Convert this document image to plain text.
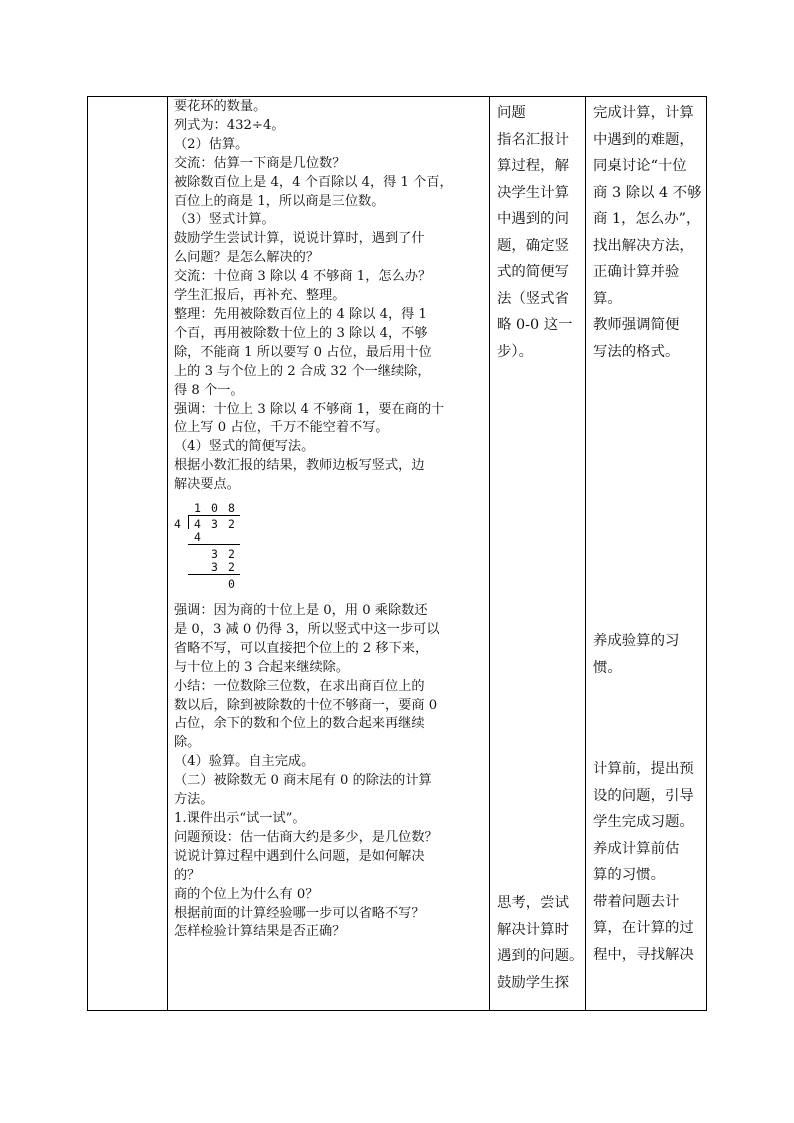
要花环的数量。
列式为：432÷4。
（2）估算。
交流：估算一下商是几位数？
被除数百位上是 4，4 个百除以 4，得 1 个百，
百位上的商是 1，所以商是三位数。
（3）竖式计算。
鼓励学生尝试计算，说说计算时，遇到了什
么问题？是怎么解决的？
交流：十位商 3 除以 4 不够商 1，怎么办？
学生汇报后，再补充、整理。
整理：先用被除数百位上的 4 除以 4，得 1
个百，再用被除数十位上的 3 除以 4，不够
除，不能商 1 所以要写 0 占位，最后用十位
上的 3 与个位上的 2 合成 32 个一继续除，
得 8 个一。
强调：十位上 3 除以 4 不够商 1，要在商的十
位上写 0 占位，千万不能空着不写。
（4）竖式的简便写法。
根据小数汇报的结果，教师边板写竖式，边
解决要点。
1 0 8
4 4 3 2
4
3 2
3 2
0
强调：因为商的十位上是 0，用 0 乘除数还
是 0，3 减 0 仍得 3，所以竖式中这一步可以
省略不写，可以直接把个位上的 2 移下来，
与十位上的 3 合起来继续除。
小结：一位数除三位数，在求出商百位上的
数以后，除到被除数的十位不够商一，要商 0
占位，余下的数和个位上的数合起来再继续
除。
（4）验算。自主完成。
（二）被除数无 0 商末尾有 0 的除法的计算
方法。
1.课件出示“试一试”。
问题预设：估一估商大约是多少，是几位数？
说说计算过程中遇到什么问题，是如何解决
的？
商的个位上为什么有 0？
根据前面的计算经验哪一步可以省略不写？
怎样检验计算结果是否正确？
问题
指名汇报计
算过程，解
决学生计算
中遇到的问
题，确定竖
式的简便写
法（竖式省
略 0-0 这一
步）。
思考，尝试
解决计算时
遇到的问题。
鼓励学生探
完成计算，计算
中遇到的难题，
同桌讨论“十位
商 3 除以 4 不够
商 1，怎么办”，
找出解决方法，
正确计算并验
算。
教师强调简便
写法的格式。
养成验算的习
惯。
计算前，提出预
设的问题，引导
学生完成习题。
养成计算前估
算的习惯。
带着问题去计
算，在计算的过
程中，寻找解决
